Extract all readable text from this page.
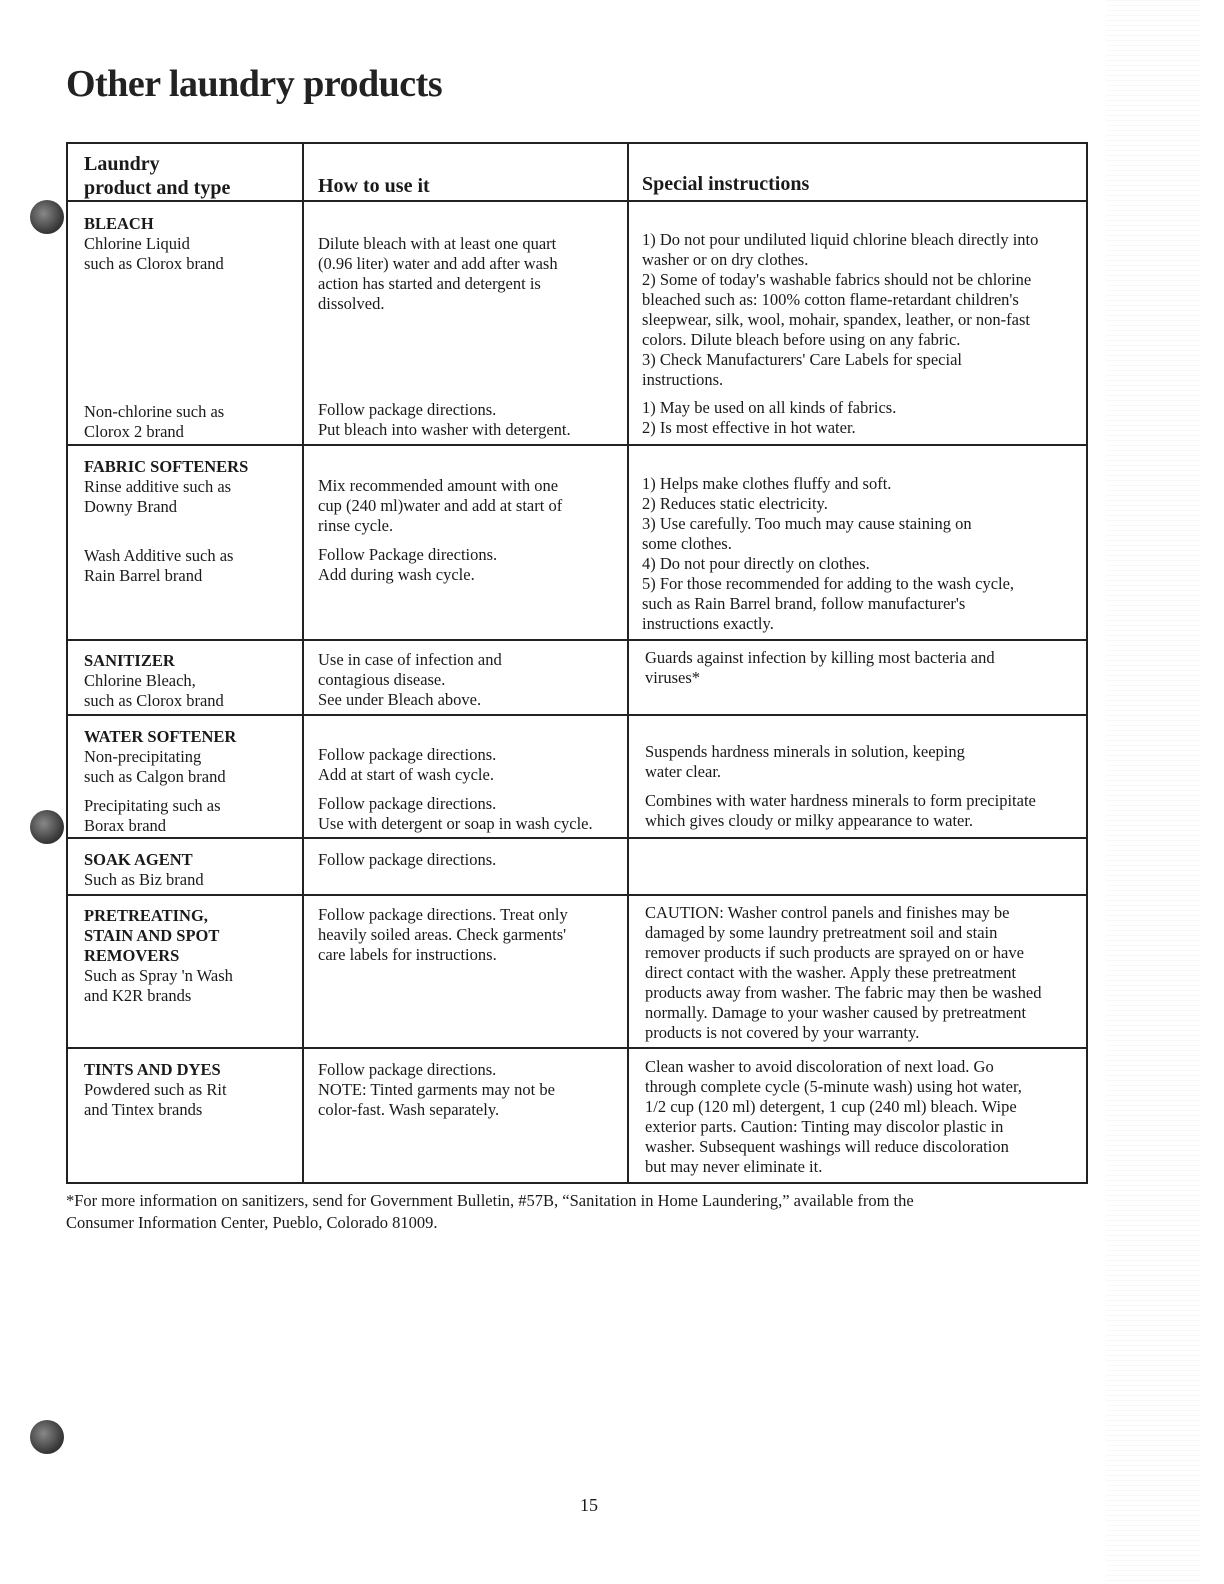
Other laundry products
Laundry
product and type	How to use it	Special instructions
BLEACH
Chlorine Liquid
such as Clorox brand
Dilute bleach with at least one quart
(0.96 liter) water and add after wash
action has started and detergent is
dissolved.
1) Do not pour undiluted liquid chlorine bleach directly into
washer or on dry clothes.
2) Some of today's washable fabrics should not be chlorine
bleached such as: 100% cotton flame-retardant children's
sleepwear, silk, wool, mohair, spandex, leather, or non-fast
colors. Dilute bleach before using on any fabric.
3) Check Manufacturers' Care Labels for special
instructions.
Non-chlorine such as
Clorox 2 brand
Follow package directions.
Put bleach into washer with detergent.
1) May be used on all kinds of fabrics.
2) Is most effective in hot water.
FABRIC SOFTENERS
Rinse additive such as
Downy Brand
Mix recommended amount with one
cup (240 ml)water and add at start of
rinse cycle.
Wash Additive such as
Rain Barrel brand
Follow Package directions.
Add during wash cycle.
1) Helps make clothes fluffy and soft.
2) Reduces static electricity.
3) Use carefully. Too much may cause staining on
some clothes.
4) Do not pour directly on clothes.
5) For those recommended for adding to the wash cycle,
such as Rain Barrel brand, follow manufacturer's
instructions exactly.
SANITIZER
Chlorine Bleach,
such as Clorox brand
Use in case of infection and
contagious disease.
See under Bleach above.
Guards against infection by killing most bacteria and
viruses*
WATER SOFTENER
Non-precipitating
such as Calgon brand
Follow package directions.
Add at start of wash cycle.
Suspends hardness minerals in solution, keeping
water clear.
Precipitating such as
Borax brand
Follow package directions.
Use with detergent or soap in wash cycle.
Combines with water hardness minerals to form precipitate
which gives cloudy or milky appearance to water.
SOAK AGENT
Such as Biz brand
Follow package directions.
PRETREATING,
STAIN AND SPOT
REMOVERS
Such as Spray 'n Wash
and K2R brands
Follow package directions. Treat only
heavily soiled areas. Check garments'
care labels for instructions.
CAUTION: Washer control panels and finishes may be
damaged by some laundry pretreatment soil and stain
remover products if such products are sprayed on or have
direct contact with the washer. Apply these pretreatment
products away from washer. The fabric may then be washed
normally. Damage to your washer caused by pretreatment
products is not covered by your warranty.
TINTS AND DYES
Powdered such as Rit
and Tintex brands
Follow package directions.
NOTE: Tinted garments may not be
color-fast. Wash separately.
Clean washer to avoid discoloration of next load. Go
through complete cycle (5-minute wash) using hot water,
1/2 cup (120 ml) detergent, 1 cup (240 ml) bleach. Wipe
exterior parts. Caution: Tinting may discolor plastic in
washer. Subsequent washings will reduce discoloration
but may never eliminate it.
*For more information on sanitizers, send for Government Bulletin, #57B, “Sanitation in Home Laundering,” available from the
Consumer Information Center, Pueblo, Colorado 81009.
15
